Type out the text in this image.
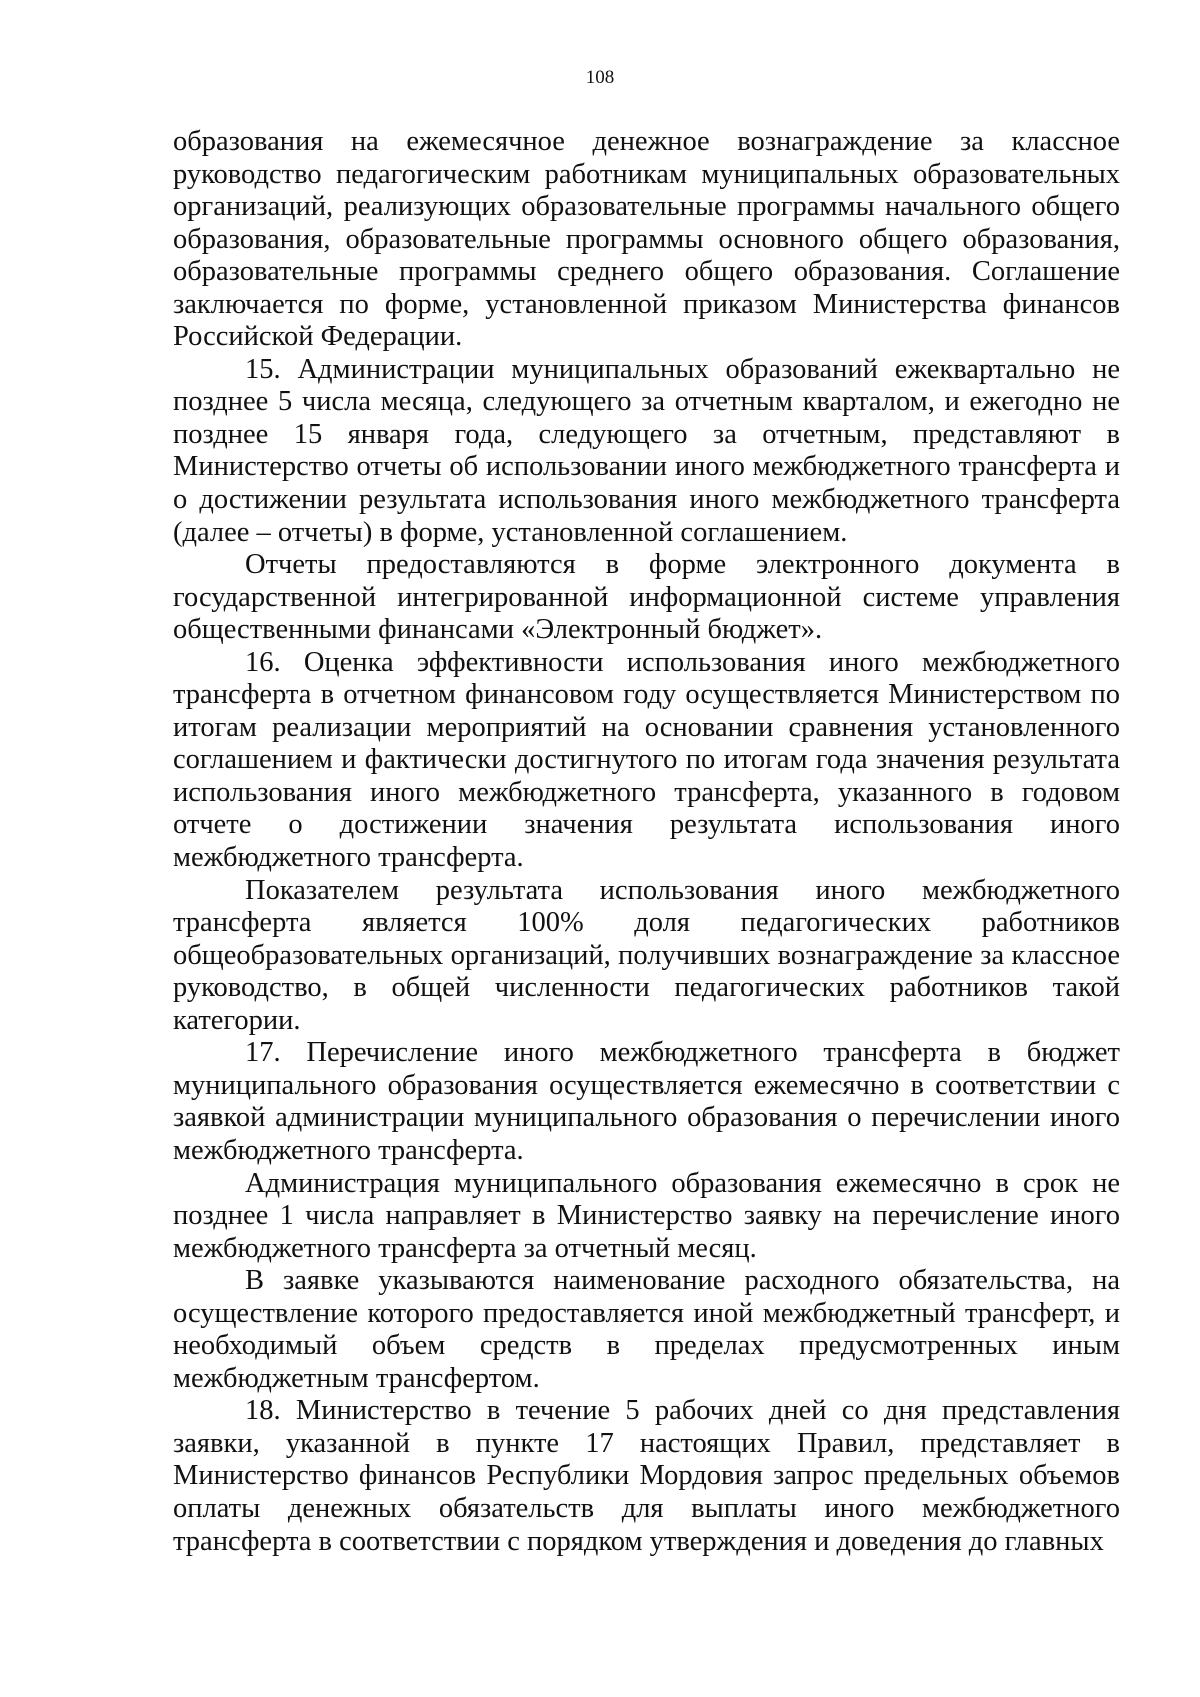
108

образования на ежемесячное денежное вознаграждение за классное руководство педагогическим работникам муниципальных образовательных организаций, реализующих образовательные программы начального общего образования, образовательные программы основного общего образования, образовательные программы среднего общего образования. Соглашение заключается по форме, установленной приказом Министерства финансов Российской Федерации.

15. Администрации муниципальных образований ежеквартально не позднее 5 числа месяца, следующего за отчетным кварталом, и ежегодно не позднее 15 января года, следующего за отчетным, представляют в Министерство отчеты об использовании иного межбюджетного трансферта и о достижении результата использования иного межбюджетного трансферта (далее – отчеты) в форме, установленной соглашением.

Отчеты предоставляются в форме электронного документа в государственной интегрированной информационной системе управления общественными финансами «Электронный бюджет».

16. Оценка эффективности использования иного межбюджетного трансферта в отчетном финансовом году осуществляется Министерством по итогам реализации мероприятий на основании сравнения установленного соглашением и фактически достигнутого по итогам года значения результата использования иного межбюджетного трансферта, указанного в годовом отчете о достижении значения результата использования иного межбюджетного трансферта.

Показателем результата использования иного межбюджетного трансферта является 100% доля педагогических работников общеобразовательных организаций, получивших вознаграждение за классное руководство, в общей численности педагогических работников такой категории.

17. Перечисление иного межбюджетного трансферта в бюджет муниципального образования осуществляется ежемесячно в соответствии с заявкой администрации муниципального образования о перечислении иного межбюджетного трансферта.

Администрация муниципального образования ежемесячно в срок не позднее 1 числа направляет в Министерство заявку на перечисление иного межбюджетного трансферта за отчетный месяц.

В заявке указываются наименование расходного обязательства, на осуществление которого предоставляется иной межбюджетный трансферт, и необходимый объем средств в пределах предусмотренных иным межбюджетным трансфертом.

18. Министерство в течение 5 рабочих дней со дня представления заявки, указанной в пункте 17 настоящих Правил, представляет в Министерство финансов Республики Мордовия запрос предельных объемов оплаты денежных обязательств для выплаты иного межбюджетного трансферта в соответствии с порядком утверждения и доведения до главных
